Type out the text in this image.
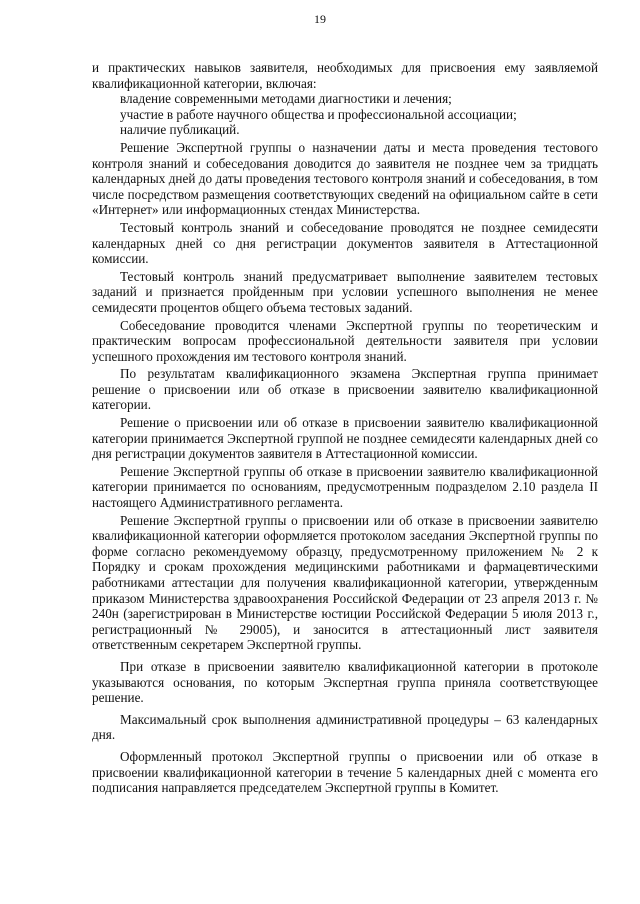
19

и практических навыков заявителя, необходимых для присвоения ему заявляемой квалификационной категории, включая:

владение современными методами диагностики и лечения;

участие в работе научного общества и профессиональной ассоциации;

наличие публикаций.

Решение Экспертной группы о назначении даты и места проведения тестового контроля знаний и собеседования доводится до заявителя не позднее чем за тридцать календарных дней до даты проведения тестового контроля знаний и собеседования, в том числе посредством размещения соответствующих сведений на официальном сайте в сети «Интернет» или информационных стендах Министерства.

Тестовый контроль знаний и собеседование проводятся не позднее семидесяти календарных дней со дня регистрации документов заявителя в Аттестационной комиссии.

Тестовый контроль знаний предусматривает выполнение заявителем тестовых заданий и признается пройденным при условии успешного выполнения не менее семидесяти процентов общего объема тестовых заданий.

Собеседование проводится членами Экспертной группы по теоретическим и практическим вопросам профессиональной деятельности заявителя при условии успешного прохождения им тестового контроля знаний.

По результатам квалификационного экзамена Экспертная группа принимает решение о присвоении или об отказе в присвоении заявителю квалификационной категории.

Решение о присвоении или об отказе в присвоении заявителю квалификационной категории принимается Экспертной группой не позднее семидесяти календарных дней со дня регистрации документов заявителя в Аттестационной комиссии.

Решение Экспертной группы об отказе в присвоении заявителю квалификационной категории принимается по основаниям, предусмотренным подразделом 2.10 раздела II настоящего Административного регламента.

Решение Экспертной группы о присвоении или об отказе в присвоении заявителю квалификационной категории оформляется протоколом заседания Экспертной группы по форме согласно рекомендуемому образцу, предусмотренному приложением № 2 к Порядку и срокам прохождения медицинскими работниками и фармацевтическими работниками аттестации для получения квалификационной категории, утвержденным приказом Министерства здравоохранения Российской Федерации от 23 апреля 2013 г. № 240н (зарегистрирован в Министерстве юстиции Российской Федерации 5 июля 2013 г., регистрационный № 29005), и заносится в аттестационный лист заявителя ответственным секретарем Экспертной группы.

При отказе в присвоении заявителю квалификационной категории в протоколе указываются основания, по которым Экспертная группа приняла соответствующее решение.

Максимальный срок выполнения административной процедуры – 63 календарных дня.

Оформленный протокол Экспертной группы о присвоении или об отказе в присвоении квалификационной категории в течение 5 календарных дней с момента его подписания направляется председателем Экспертной группы в Комитет.
